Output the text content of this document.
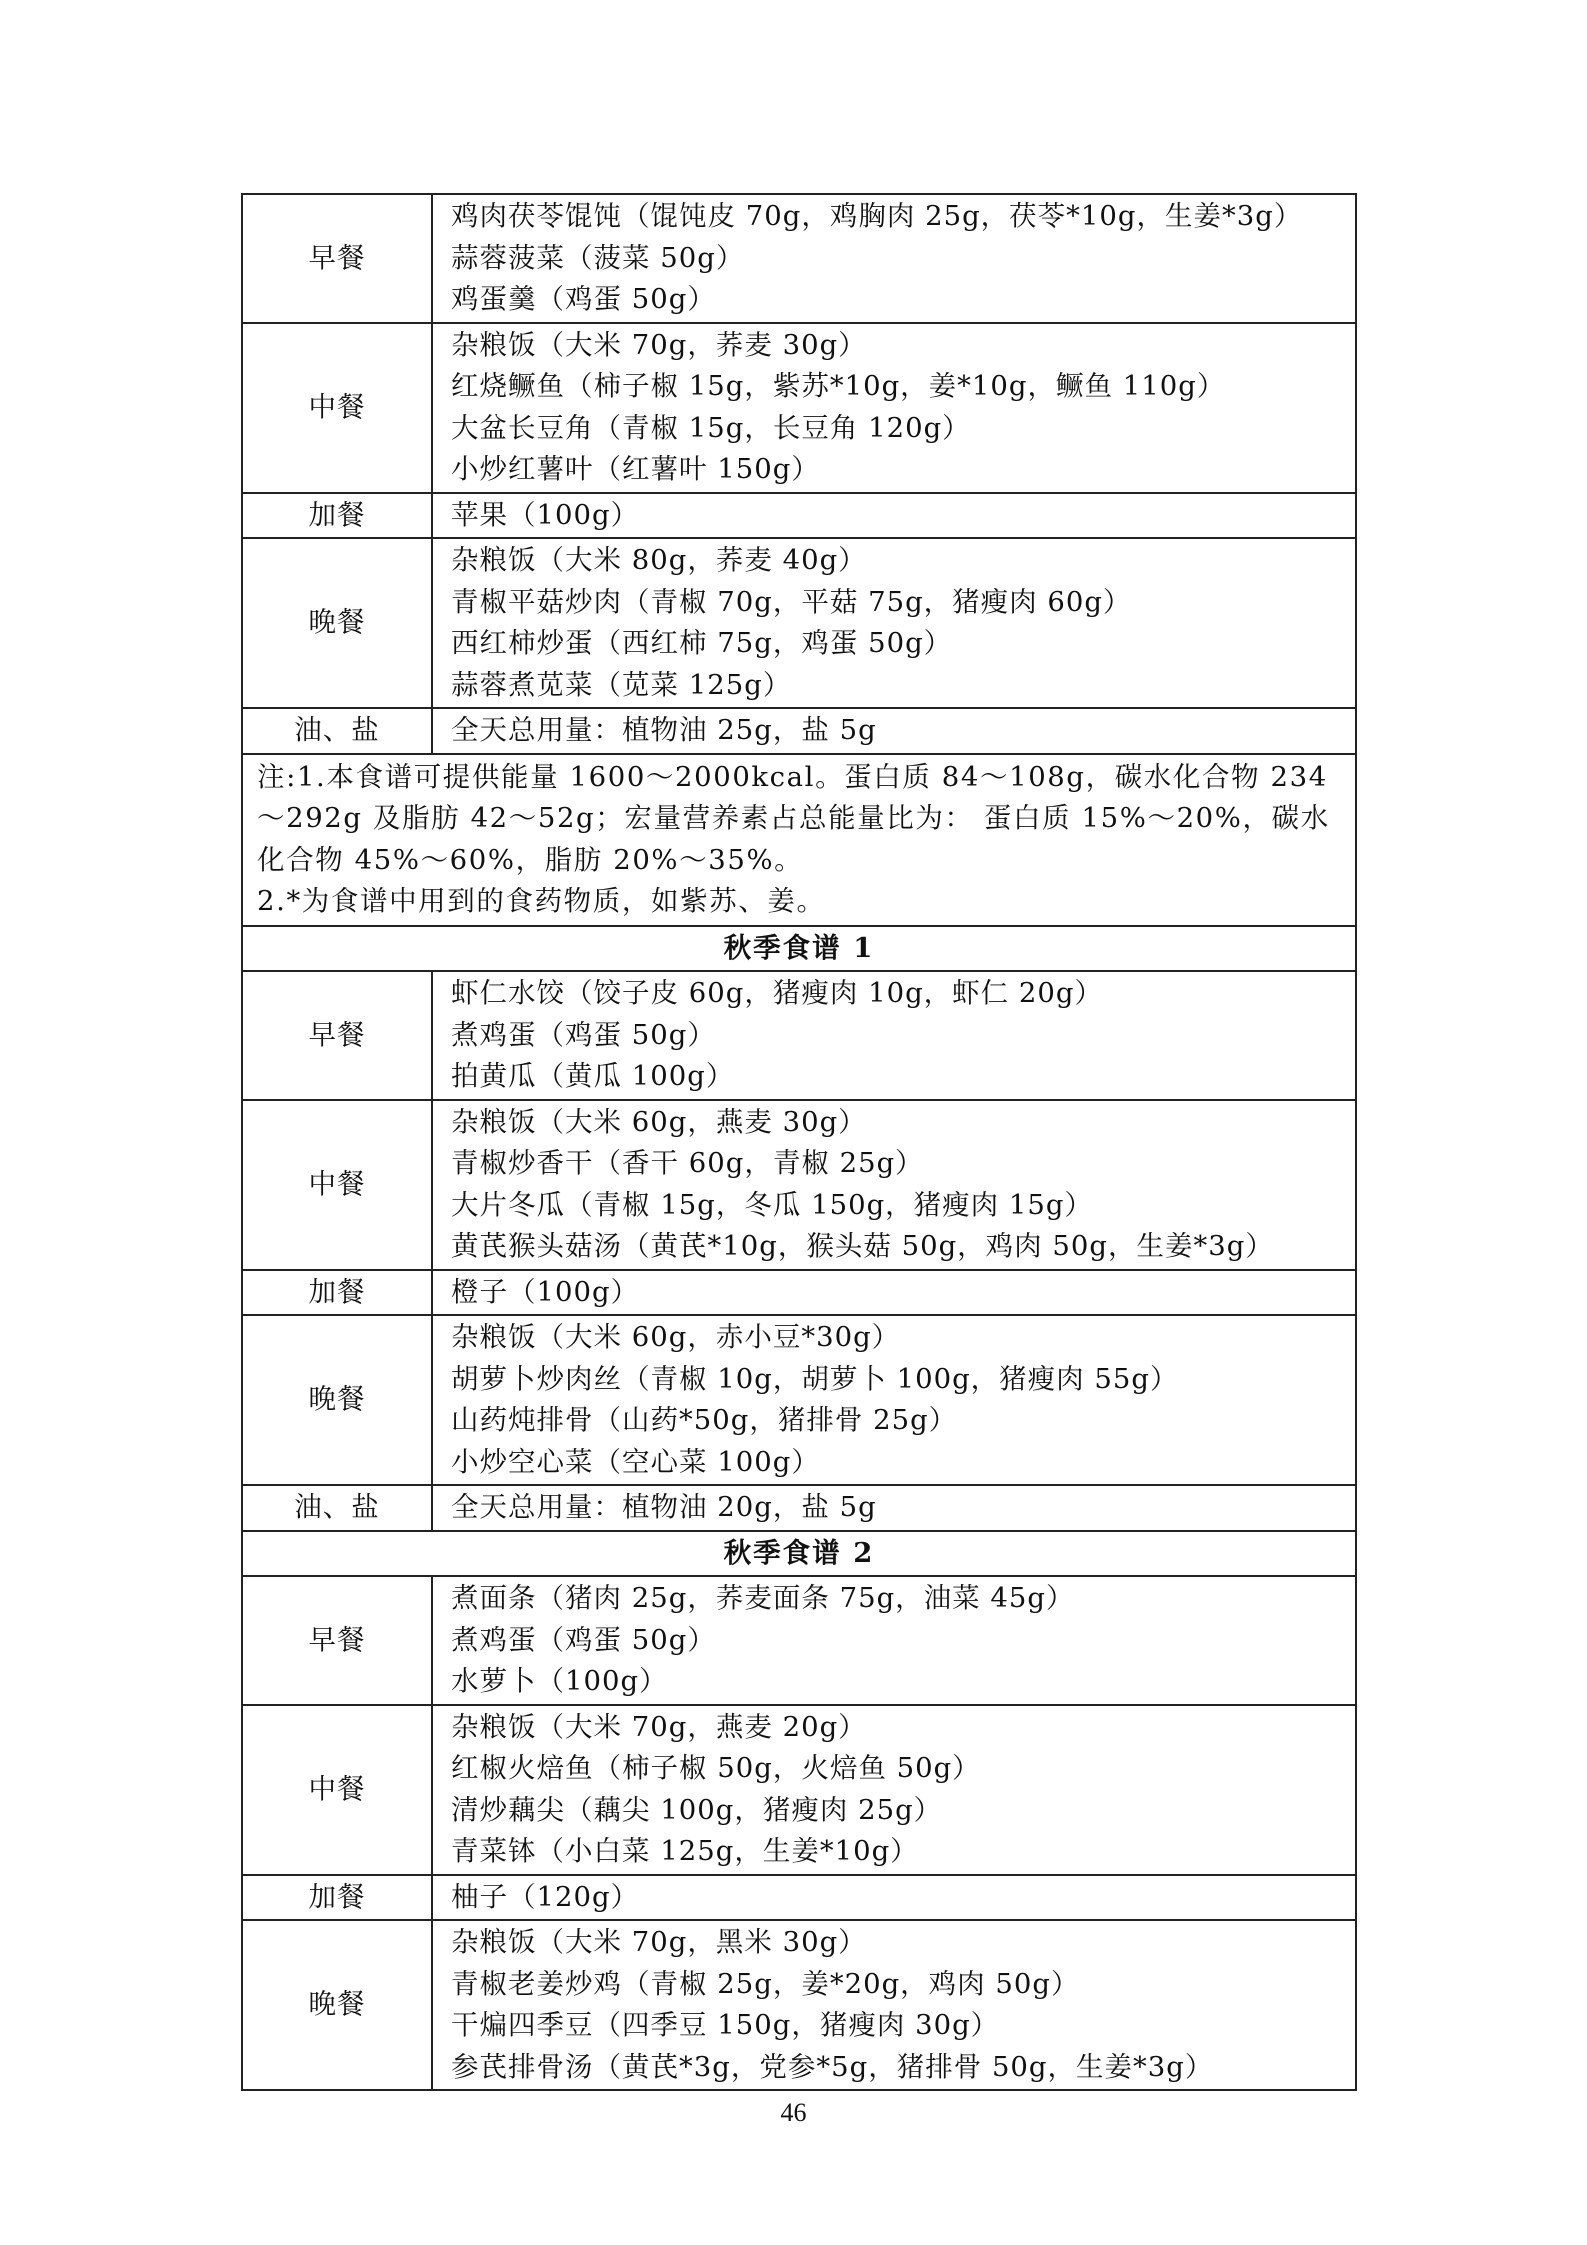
早餐	鸡肉茯苓馄饨（馄饨皮 70g，鸡胸肉 25g，茯苓*10g，生姜*3g）
蒜蓉菠菜（菠菜 50g）
鸡蛋羹（鸡蛋 50g）

中餐	杂粮饭（大米 70g，荞麦 30g）
红烧鳜鱼（柿子椒 15g，紫苏*10g，姜*10g，鳜鱼 110g）
大盆长豆角（青椒 15g，长豆角 120g）
小炒红薯叶（红薯叶 150g）

加餐	苹果（100g）

晚餐	杂粮饭（大米 80g，荞麦 40g）
青椒平菇炒肉（青椒 70g，平菇 75g，猪瘦肉 60g）
西红柿炒蛋（西红柿 75g，鸡蛋 50g）
蒜蓉煮苋菜（苋菜 125g）

油、盐	全天总用量：植物油 25g，盐 5g

注:1.本食谱可提供能量 1600～2000kcal。蛋白质 84～108g，碳水化合物 234～292g 及脂肪 42～52g；宏量营养素占总能量比为： 蛋白质 15%～20%，碳水化合物 45%～60%，脂肪 20%～35%。
2.*为食谱中用到的食药物质，如紫苏、姜。	

秋季食谱 1	
早餐	虾仁水饺（饺子皮 60g，猪瘦肉 10g，虾仁 20g）
煮鸡蛋（鸡蛋 50g）
拍黄瓜（黄瓜 100g）

中餐	杂粮饭（大米 60g，燕麦 30g）
青椒炒香干（香干 60g，青椒 25g）
大片冬瓜（青椒 15g，冬瓜 150g，猪瘦肉 15g）
黄芪猴头菇汤（黄芪*10g，猴头菇 50g，鸡肉 50g，生姜*3g）

加餐	橙子（100g）

晚餐	杂粮饭（大米 60g，赤小豆*30g）
胡萝卜炒肉丝（青椒 10g，胡萝卜 100g，猪瘦肉 55g）
山药炖排骨（山药*50g，猪排骨 25g）
小炒空心菜（空心菜 100g）

油、盐	全天总用量：植物油 20g，盐 5g

秋季食谱 2	
早餐	煮面条（猪肉 25g，荞麦面条 75g，油菜 45g）
煮鸡蛋（鸡蛋 50g）
水萝卜（100g）

中餐	杂粮饭（大米 70g，燕麦 20g）
红椒火焙鱼（柿子椒 50g，火焙鱼 50g）
清炒藕尖（藕尖 100g，猪瘦肉 25g）
青菜钵（小白菜 125g，生姜*10g）

加餐	柚子（120g）

晚餐	杂粮饭（大米 70g，黑米 30g）
青椒老姜炒鸡（青椒 25g，姜*20g，鸡肉 50g）
干煸四季豆（四季豆 150g，猪瘦肉 30g）
参芪排骨汤（黄芪*3g，党参*5g，猪排骨 50g，生姜*3g）
46
